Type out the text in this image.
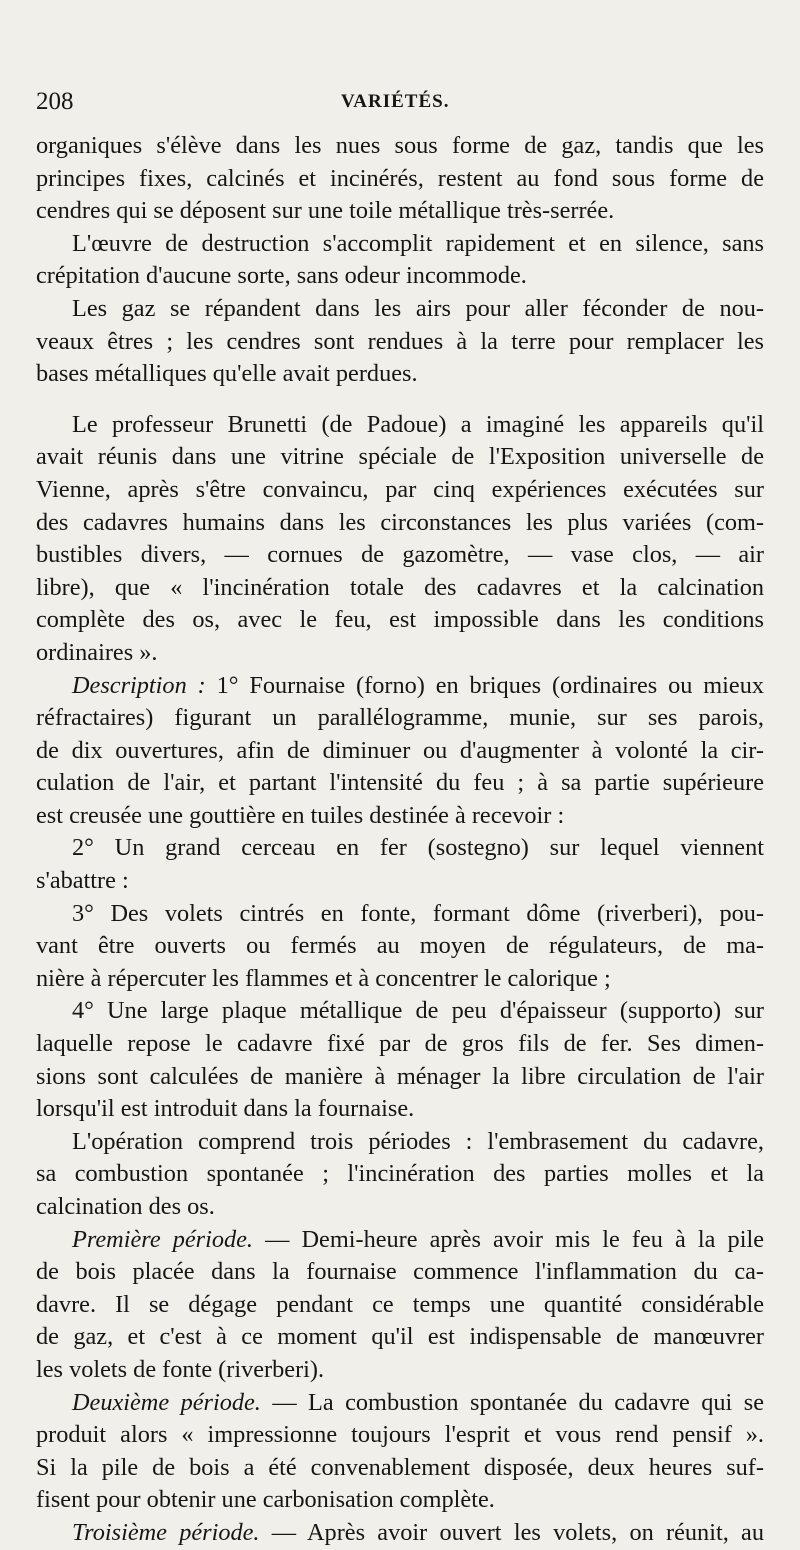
208	VARIÉTÉS.
organiques s'élève dans les nues sous forme de gaz, tandis que les
principes fixes, calcinés et incinérés, restent au fond sous forme de
cendres qui se déposent sur une toile métallique très-serrée.
L'œuvre de destruction s'accomplit rapidement et en silence, sans
crépitation d'aucune sorte, sans odeur incommode.
Les gaz se répandent dans les airs pour aller féconder de nou-
veaux êtres ; les cendres sont rendues à la terre pour remplacer les
bases métalliques qu'elle avait perdues.
Le professeur Brunetti (de Padoue) a imaginé les appareils qu'il
avait réunis dans une vitrine spéciale de l'Exposition universelle de
Vienne, après s'être convaincu, par cinq expériences exécutées sur
des cadavres humains dans les circonstances les plus variées (com-
bustibles divers, — cornues de gazomètre, — vase clos, — air
libre), que « l'incinération totale des cadavres et la calcination
complète des os, avec le feu, est impossible dans les conditions
ordinaires ».
Description : 1° Fournaise (forno) en briques (ordinaires ou mieux
réfractaires) figurant un parallélogramme, munie, sur ses parois,
de dix ouvertures, afin de diminuer ou d'augmenter à volonté la cir-
culation de l'air, et partant l'intensité du feu ; à sa partie supérieure
est creusée une gouttière en tuiles destinée à recevoir :
2° Un grand cerceau en fer (sostegno) sur lequel viennent
s'abattre :
3° Des volets cintrés en fonte, formant dôme (riverberi), pou-
vant être ouverts ou fermés au moyen de régulateurs, de ma-
nière à répercuter les flammes et à concentrer le calorique ;
4° Une large plaque métallique de peu d'épaisseur (supporto) sur
laquelle repose le cadavre fixé par de gros fils de fer. Ses dimen-
sions sont calculées de manière à ménager la libre circulation de l'air
lorsqu'il est introduit dans la fournaise.
L'opération comprend trois périodes : l'embrasement du cadavre,
sa combustion spontanée ; l'incinération des parties molles et la
calcination des os.
Première période. — Demi-heure après avoir mis le feu à la pile
de bois placée dans la fournaise commence l'inflammation du ca-
davre. Il se dégage pendant ce temps une quantité considérable
de gaz, et c'est à ce moment qu'il est indispensable de manœuvrer
les volets de fonte (riverberi).
Deuxième période. — La combustion spontanée du cadavre qui se
produit alors « impressionne toujours l'esprit et vous rend pensif ».
Si la pile de bois a été convenablement disposée, deux heures suf-
fisent pour obtenir une carbonisation complète.
Troisième période. — Après avoir ouvert les volets, on réunit, au
